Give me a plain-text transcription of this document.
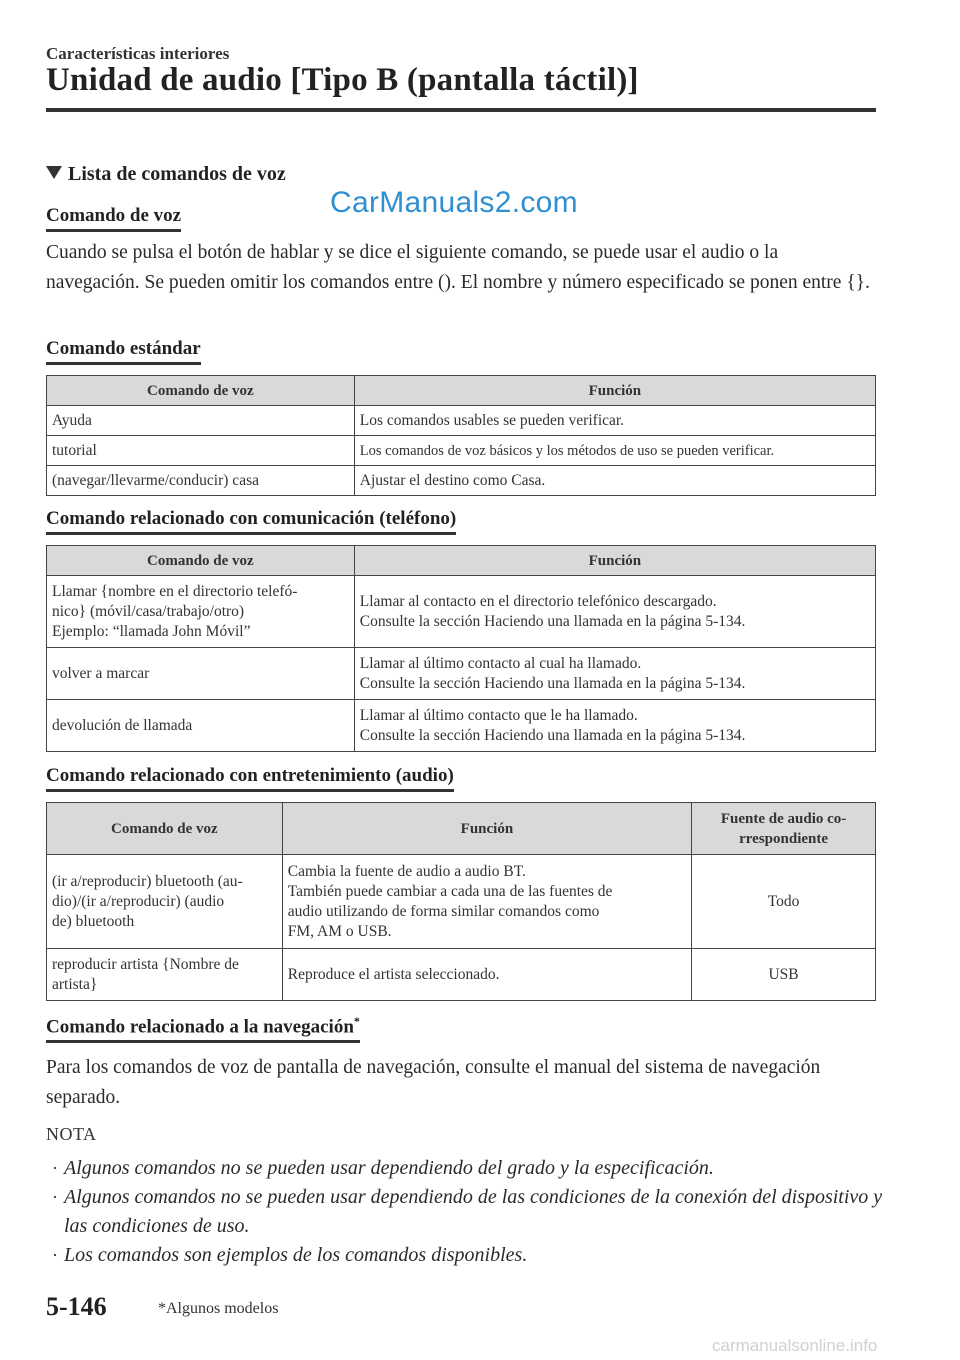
Características interiores
Unidad de audio [Tipo B (pantalla táctil)]
Lista de comandos de voz
CarManuals2.com
Comando de voz
Cuando se pulsa el botón de hablar y se dice el siguiente comando, se puede usar el audio o la navegación. Se pueden omitir los comandos entre (). El nombre y número especificado se ponen entre {}.
Comando estándar
Comando de voz	Función
Ayuda	Los comandos usables se pueden verificar.
tutorial	Los comandos de voz básicos y los métodos de uso se pueden verificar.
(navegar/llevarme/conducir) casa	Ajustar el destino como Casa.
Comando relacionado con comunicación (teléfono)
Comando de voz	Función

Llamar {nombre en el directorio telefó-
nico} (móvil/casa/trabajo/otro)
Ejemplo: “llamada John Móvil”	Llamar al contacto en el directorio telefónico descargado.
Consulte la sección Haciendo una llamada en la página 5-134.

volver a marcar	Llamar al último contacto al cual ha llamado.
Consulte la sección Haciendo una llamada en la página 5-134.

devolución de llamada	Llamar al último contacto que le ha llamado.
Consulte la sección Haciendo una llamada en la página 5-134.
Comando relacionado con entretenimiento (audio)
Comando de voz	Función	Fuente de audio co-
rrespondiente

(ir a/reproducir) bluetooth (au-
dio)/(ir a/reproducir) (audio
de) bluetooth	Cambia la fuente de audio a audio BT.
También puede cambiar a cada una de las fuentes de
audio utilizando de forma similar comandos como
FM, AM o USB.	Todo

reproducir artista {Nombre de
artista}	Reproduce el artista seleccionado.	USB
Comando relacionado a la navegación*
Para los comandos de voz de pantalla de navegación, consulte el manual del sistema de navegación separado.
NOTA
· Algunos comandos no se pueden usar dependiendo del grado y la especificación.
· Algunos comandos no se pueden usar dependiendo de las condiciones de la conexión del dispositivo y las condiciones de uso.
· Los comandos son ejemplos de los comandos disponibles.
5-146	*Algunos modelos
carmanualsonline.info
